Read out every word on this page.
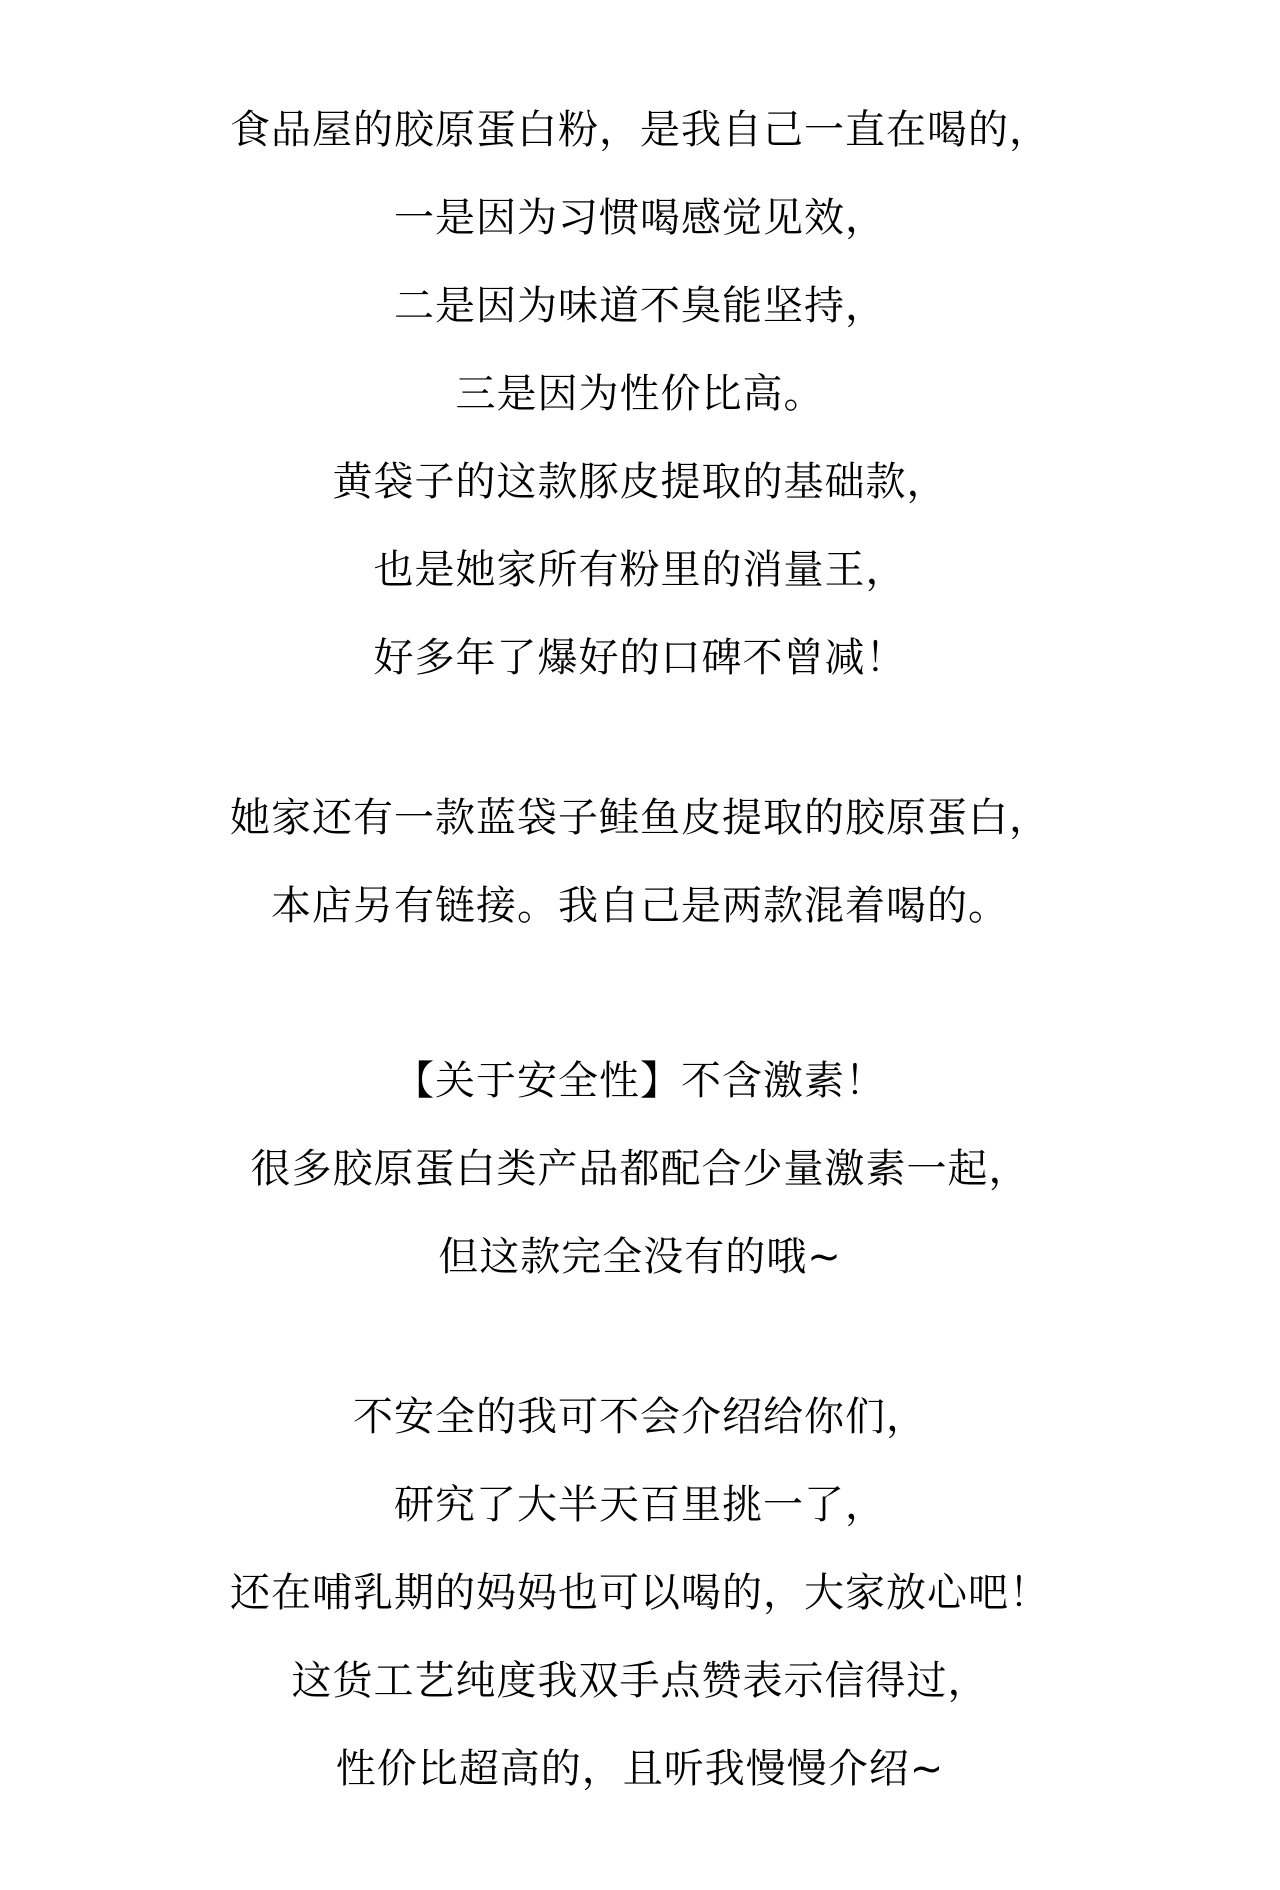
食品屋的胶原蛋白粉，是我自己一直在喝的，
一是因为习惯喝感觉见效，
二是因为味道不臭能坚持，
三是因为性价比高。
黄袋子的这款豚皮提取的基础款，
也是她家所有粉里的消量王，
好多年了爆好的口碑不曾减！
她家还有一款蓝袋子鲑鱼皮提取的胶原蛋白，
本店另有链接。我自己是两款混着喝的。
【关于安全性】不含激素！
很多胶原蛋白类产品都配合少量激素一起，
但这款完全没有的哦~
不安全的我可不会介绍给你们，
研究了大半天百里挑一了，
还在哺乳期的妈妈也可以喝的，大家放心吧！
这货工艺纯度我双手点赞表示信得过，
性价比超高的，且听我慢慢介绍~
